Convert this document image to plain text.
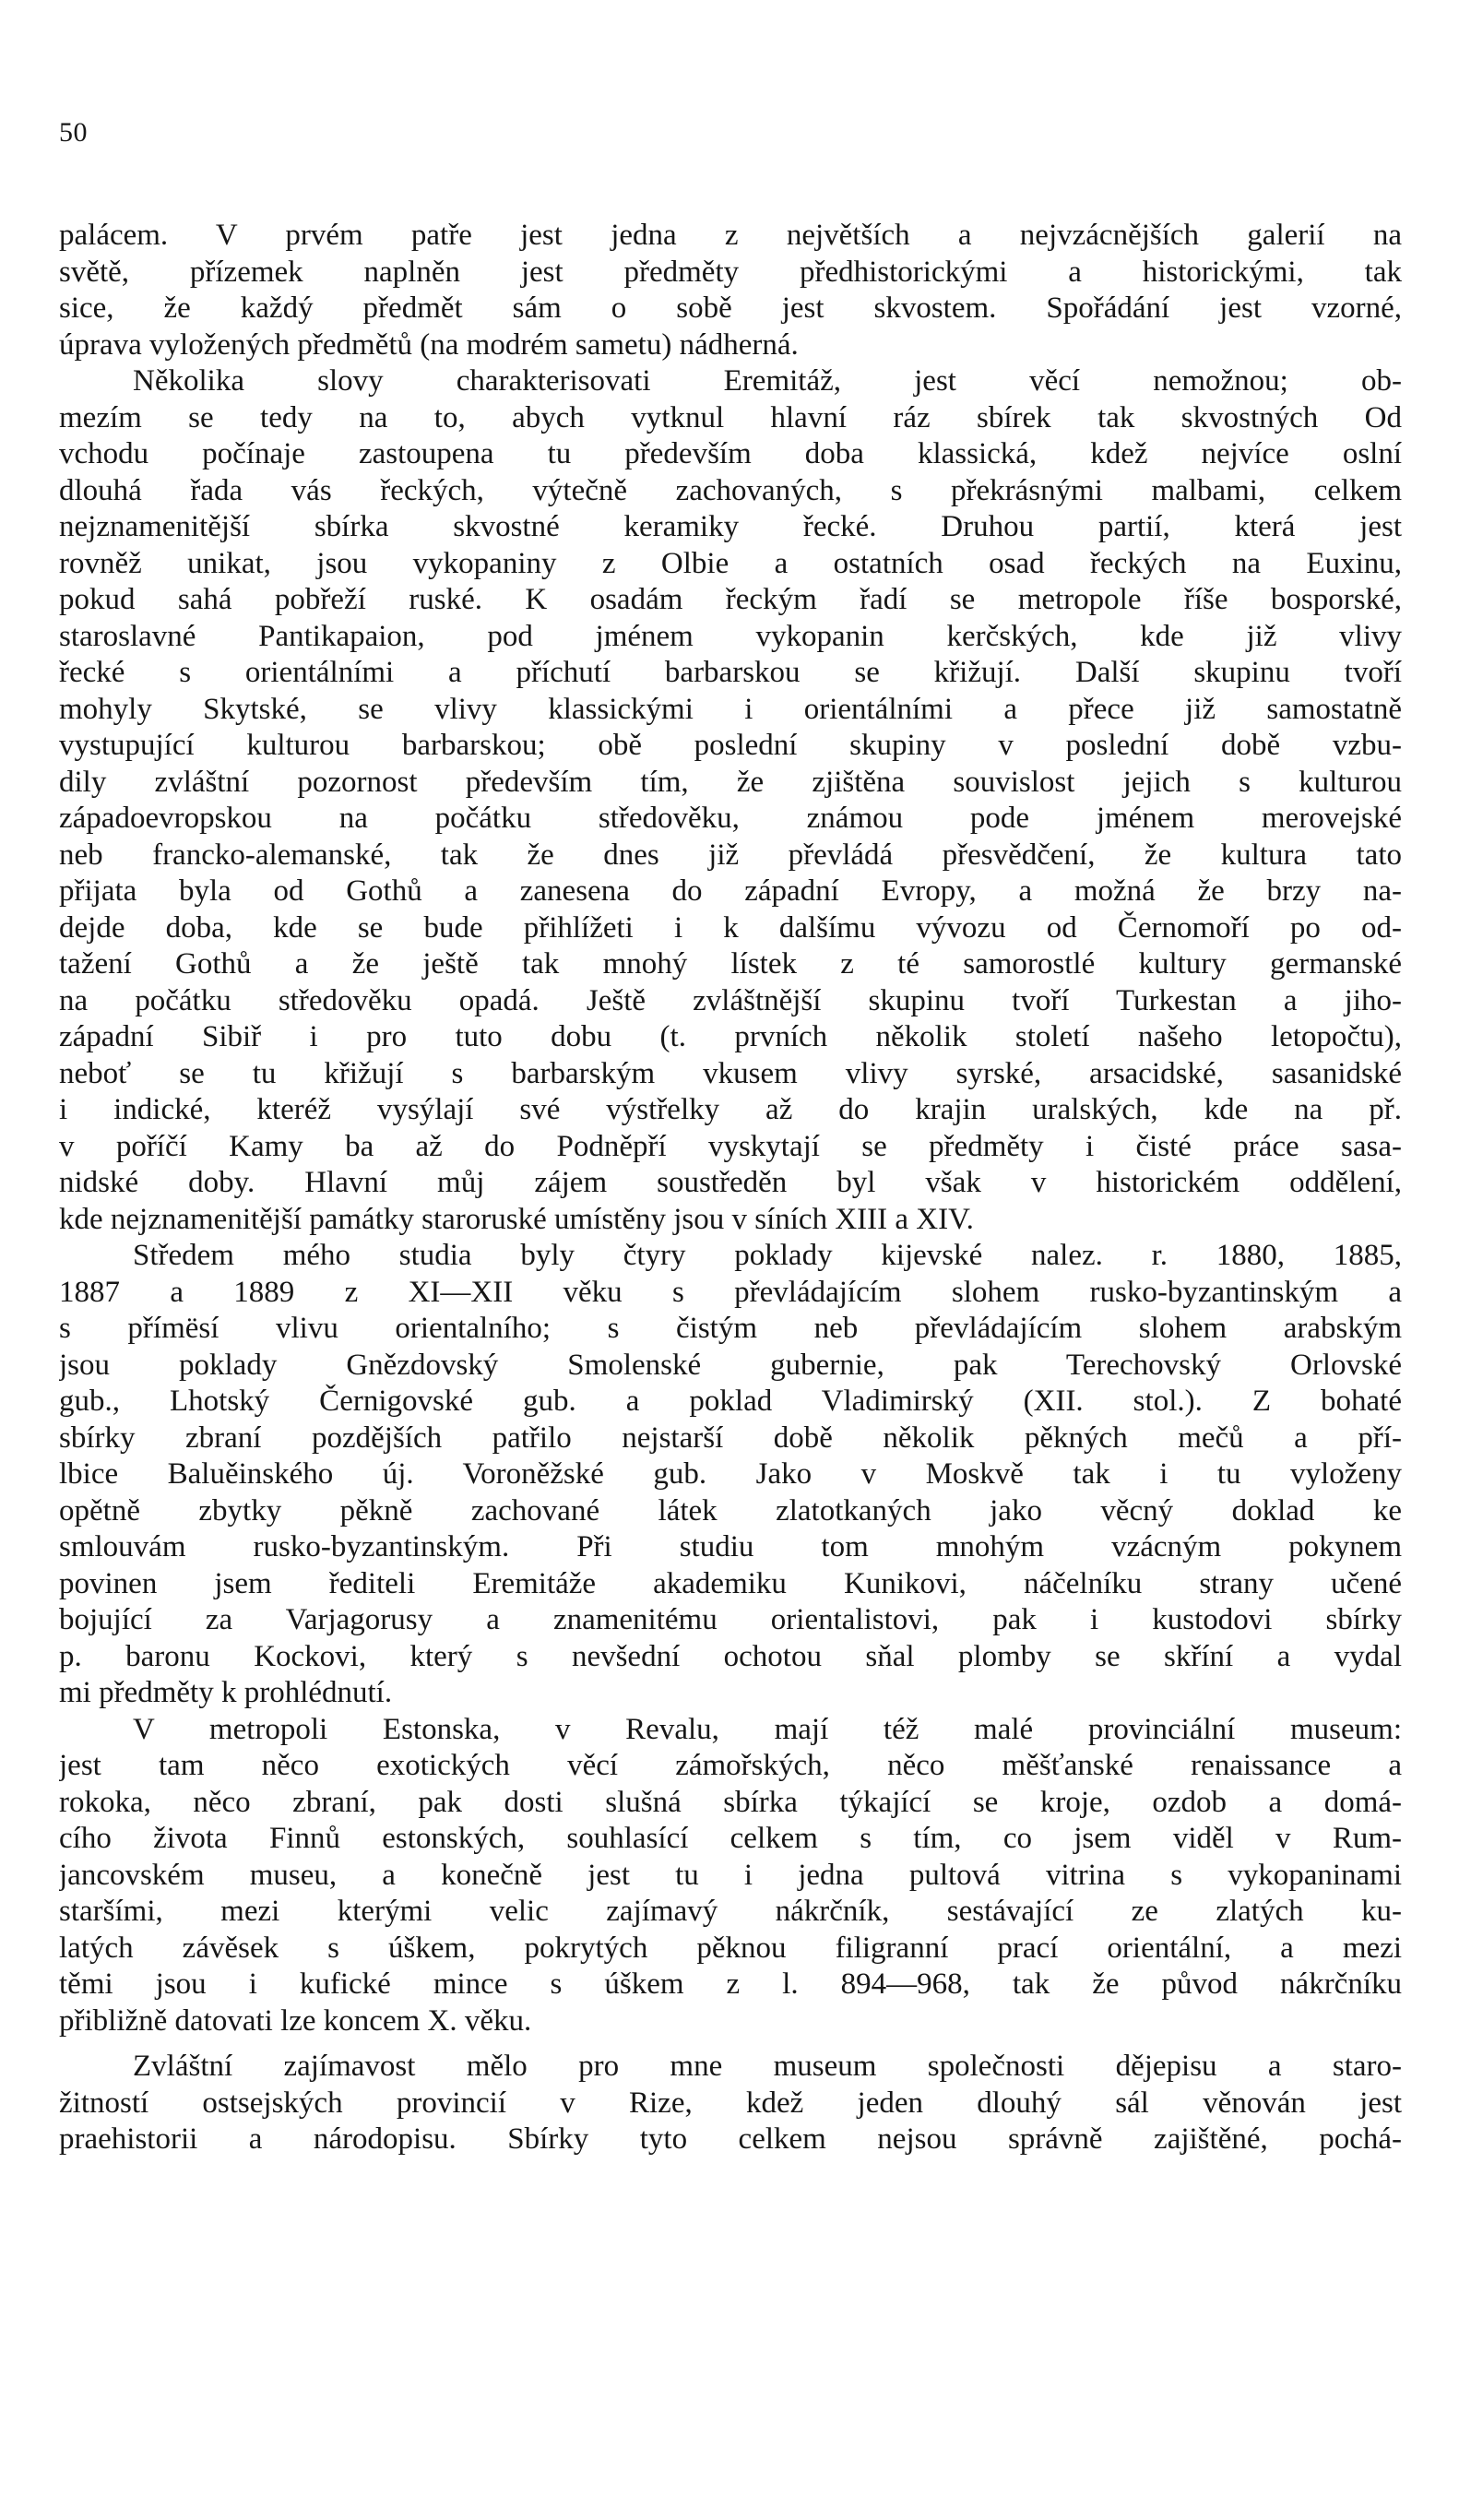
50
palácem. V prvém patře jest jedna z největších a nejvzácnějších galerií na
světě, přízemek naplněn jest předměty předhistorickými a historickými, tak
sice, že každý předmět sám o sobě jest skvostem. Spořádání jest vzorné,
úprava vyložených předmětů (na modrém sametu) nádherná.
Několika slovy charakterisovati Eremitáž, jest věcí nemožnou; ob-
mezím se tedy na to, abych vytknul hlavní ráz sbírek tak skvostných Od
vchodu počínaje zastoupena tu především doba klassická, kdež nejvíce oslní
dlouhá řada vás řeckých, výtečně zachovaných, s překrásnými malbami, celkem
nejznamenitější sbírka skvostné keramiky řecké. Druhou partií, která jest
rovněž unikat, jsou vykopaniny z Olbie a ostatních osad řeckých na Euxinu,
pokud sahá pobřeží ruské. K osadám řeckým řadí se metropole říše bosporské,
staroslavné Pantikapaion, pod jménem vykopanin kerčských, kde již vlivy
řecké s orientálními a příchutí barbarskou se křižují. Další skupinu tvoří
mohyly Skytské, se vlivy klassickými i orientálními a přece již samostatně
vystupující kulturou barbarskou; obě poslední skupiny v poslední době vzbu-
dily zvláštní pozornost především tím, že zjištěna souvislost jejich s kulturou
západoevropskou na počátku středověku, známou pode jménem merovejské
neb francko-alemanské, tak že dnes již převládá přesvědčení, že kultura tato
přijata byla od Gothů a zanesena do západní Evropy, a možná že brzy na-
dejde doba, kde se bude přihlížeti i k dalšímu vývozu od Černomoří po od-
tažení Gothů a že ještě tak mnohý lístek z té samorostlé kultury germanské
na počátku středověku opadá. Ještě zvláštnější skupinu tvoří Turkestan a jiho-
západní Sibiř i pro tuto dobu (t. prvních několik století našeho letopočtu),
neboť se tu křižují s barbarským vkusem vlivy syrské, arsacidské, sasanidské
i indické, kteréž vysýlají své výstřelky až do krajin uralských, kde na př.
v poříčí Kamy ba až do Podněpří vyskytají se předměty i čisté práce sasa-
nidské doby. Hlavní můj zájem soustředěn byl však v historickém oddělení,
kde nejznamenitější památky staroruské umístěny jsou v síních XIII a XIV.
Středem mého studia byly čtyry poklady kijevské nalez. r. 1880, 1885,
1887 a 1889 z XI—XII věku s převládajícím slohem rusko-byzantinským a
s přímësí vlivu orientalního; s čistým neb převládajícím slohem arabským
jsou poklady Gnězdovský Smolenské gubernie, pak Terechovský Orlovské
gub., Lhotský Černigovské gub. a poklad Vladimirský (XII. stol.). Z bohaté
sbírky zbraní pozdějších patřilo nejstarší době několik pěkných mečů a pří-
lbice Baluěinského új. Voroněžské gub. Jako v Moskvě tak i tu vyloženy
opětně zbytky pěkně zachované látek zlatotkaných jako věcný doklad ke
smlouvám rusko-byzantinským. Při studiu tom mnohým vzácným pokynem
povinen jsem řediteli Eremitáže akademiku Kunikovi, náčelníku strany učené
bojující za Varjagorusy a znamenitému orientalistovi, pak i kustodovi sbírky
p. baronu Kockovi, který s nevšední ochotou sňal plomby se skříní a vydal
mi předměty k prohlédnutí.
V metropoli Estonska, v Revalu, mají též malé provinciální museum:
jest tam něco exotických věcí zámořských, něco měšťanské renaissance a
rokoka, něco zbraní, pak dosti slušná sbírka týkající se kroje, ozdob a domá-
cího života Finnů estonských, souhlasící celkem s tím, co jsem viděl v Rum-
jancovském museu, a konečně jest tu i jedna pultová vitrina s vykopaninami
staršími, mezi kterými velic zajímavý nákrčník, sestávající ze zlatých ku-
latých závěsek s úškem, pokrytých pěknou filigranní prací orientální, a mezi
těmi jsou i kufické mince s úškem z l. 894—968, tak že původ nákrčníku
přibližně datovati lze koncem X. věku.
Zvláštní zajímavost mělo pro mne museum společnosti dějepisu a staro-
žitností ostsejských provincií v Rize, kdež jeden dlouhý sál věnován jest
praehistorii a národopisu. Sbírky tyto celkem nejsou správně zajištěné, pochá-
